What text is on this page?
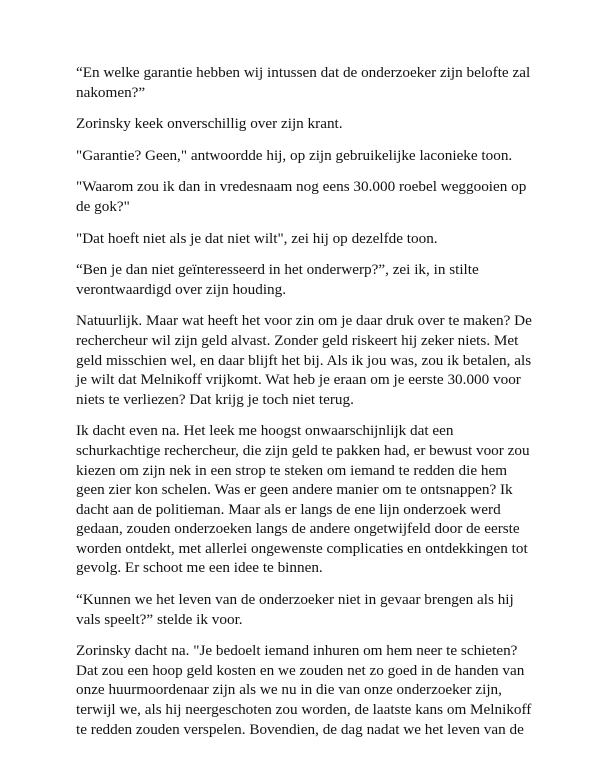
“En welke garantie hebben wij intussen dat de onderzoeker zijn belofte zal nakomen?”

Zorinsky keek onverschillig over zijn krant.

"Garantie? Geen," antwoordde hij, op zijn gebruikelijke laconieke toon.

"Waarom zou ik dan in vredesnaam nog eens 30.000 roebel weggooien op de gok?"

"Dat hoeft niet als je dat niet wilt", zei hij op dezelfde toon.

“Ben je dan niet geïnteresseerd in het onderwerp?”, zei ik, in stilte verontwaardigd over zijn houding.

Natuurlijk. Maar wat heeft het voor zin om je daar druk over te maken? De rechercheur wil zijn geld alvast. Zonder geld riskeert hij zeker niets. Met geld misschien wel, en daar blijft het bij. Als ik jou was, zou ik betalen, als je wilt dat Melnikoff vrijkomt. Wat heb je eraan om je eerste 30.000 voor niets te verliezen? Dat krijg je toch niet terug.

Ik dacht even na. Het leek me hoogst onwaarschijnlijk dat een schurkachtige rechercheur, die zijn geld te pakken had, er bewust voor zou kiezen om zijn nek in een strop te steken om iemand te redden die hem geen zier kon schelen. Was er geen andere manier om te ontsnappen? Ik dacht aan de politieman. Maar als er langs de ene lijn onderzoek werd gedaan, zouden onderzoeken langs de andere ongetwijfeld door de eerste worden ontdekt, met allerlei ongewenste complicaties en ontdekkingen tot gevolg. Er schoot me een idee te binnen.

“Kunnen we het leven van de onderzoeker niet in gevaar brengen als hij vals speelt?” stelde ik voor.

Zorinsky dacht na. "Je bedoelt iemand inhuren om hem neer te schieten? Dat zou een hoop geld kosten en we zouden net zo goed in de handen van onze huurmoordenaar zijn als we nu in die van onze onderzoeker zijn, terwijl we, als hij neergeschoten zou worden, de laatste kans om Melnikoff te redden zouden verspelen. Bovendien, de dag nadat we het leven van de
